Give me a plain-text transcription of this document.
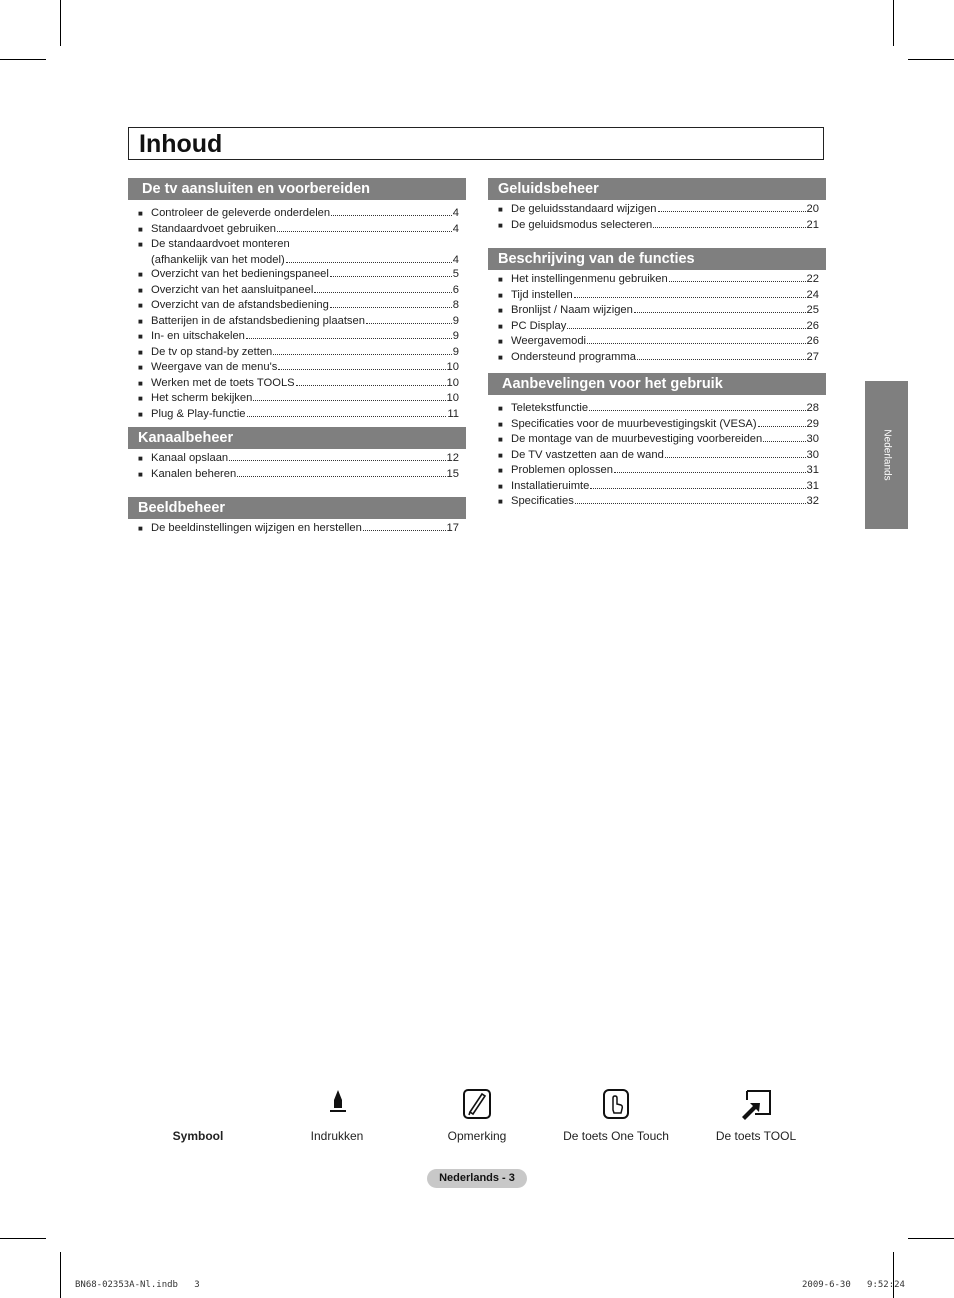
Inhoud
De tv aansluiten en voorbereiden
■ Controleer de geleverde onderdelen	4
■ Standaardvoet gebruiken	4
■ De standaardvoet monteren
(afhankelijk van het model)	4
■ Overzicht van het bedieningspaneel	5
■ Overzicht van het aansluitpaneel	6
■ Overzicht van de afstandsbediening	8
■ Batterijen in de afstandsbediening plaatsen	9
■ In- en uitschakelen	9
■ De tv op stand-by zetten	9
■ Weergave van de menu's	10
■ Werken met de toets TOOLS	10
■ Het scherm bekijken	10
■ Plug & Play-functie	11
Kanaalbeheer
■ Kanaal opslaan	12
■ Kanalen beheren	15
Beeldbeheer
■ De beeldinstellingen wijzigen en herstellen	17
Geluidsbeheer
■ De geluidsstandaard wijzigen	20
■ De geluidsmodus selecteren	21
Beschrijving van de functies
■ Het instellingenmenu gebruiken	22
■ Tijd instellen	24
■ Bronlijst / Naam wijzigen	25
■ PC Display	26
■ Weergavemodi	26
■ Ondersteund programma	27
Aanbevelingen voor het gebruik
■ Teletekstfunctie	28
■ Specificaties voor de muurbevestigingskit (VESA)	29
■ De montage van de muurbevestiging voorbereiden	30
■ De TV vastzetten aan de wand	30
■ Problemen oplossen	31
■ Installatieruimte	31
■ Specificaties	32
Nederlands
Symbool	Indrukken	Opmerking	De toets One Touch	De toets TOOL
Nederlands - 3
BN68-02353A-Nl.indb   3	2009-6-30   9:52:24
